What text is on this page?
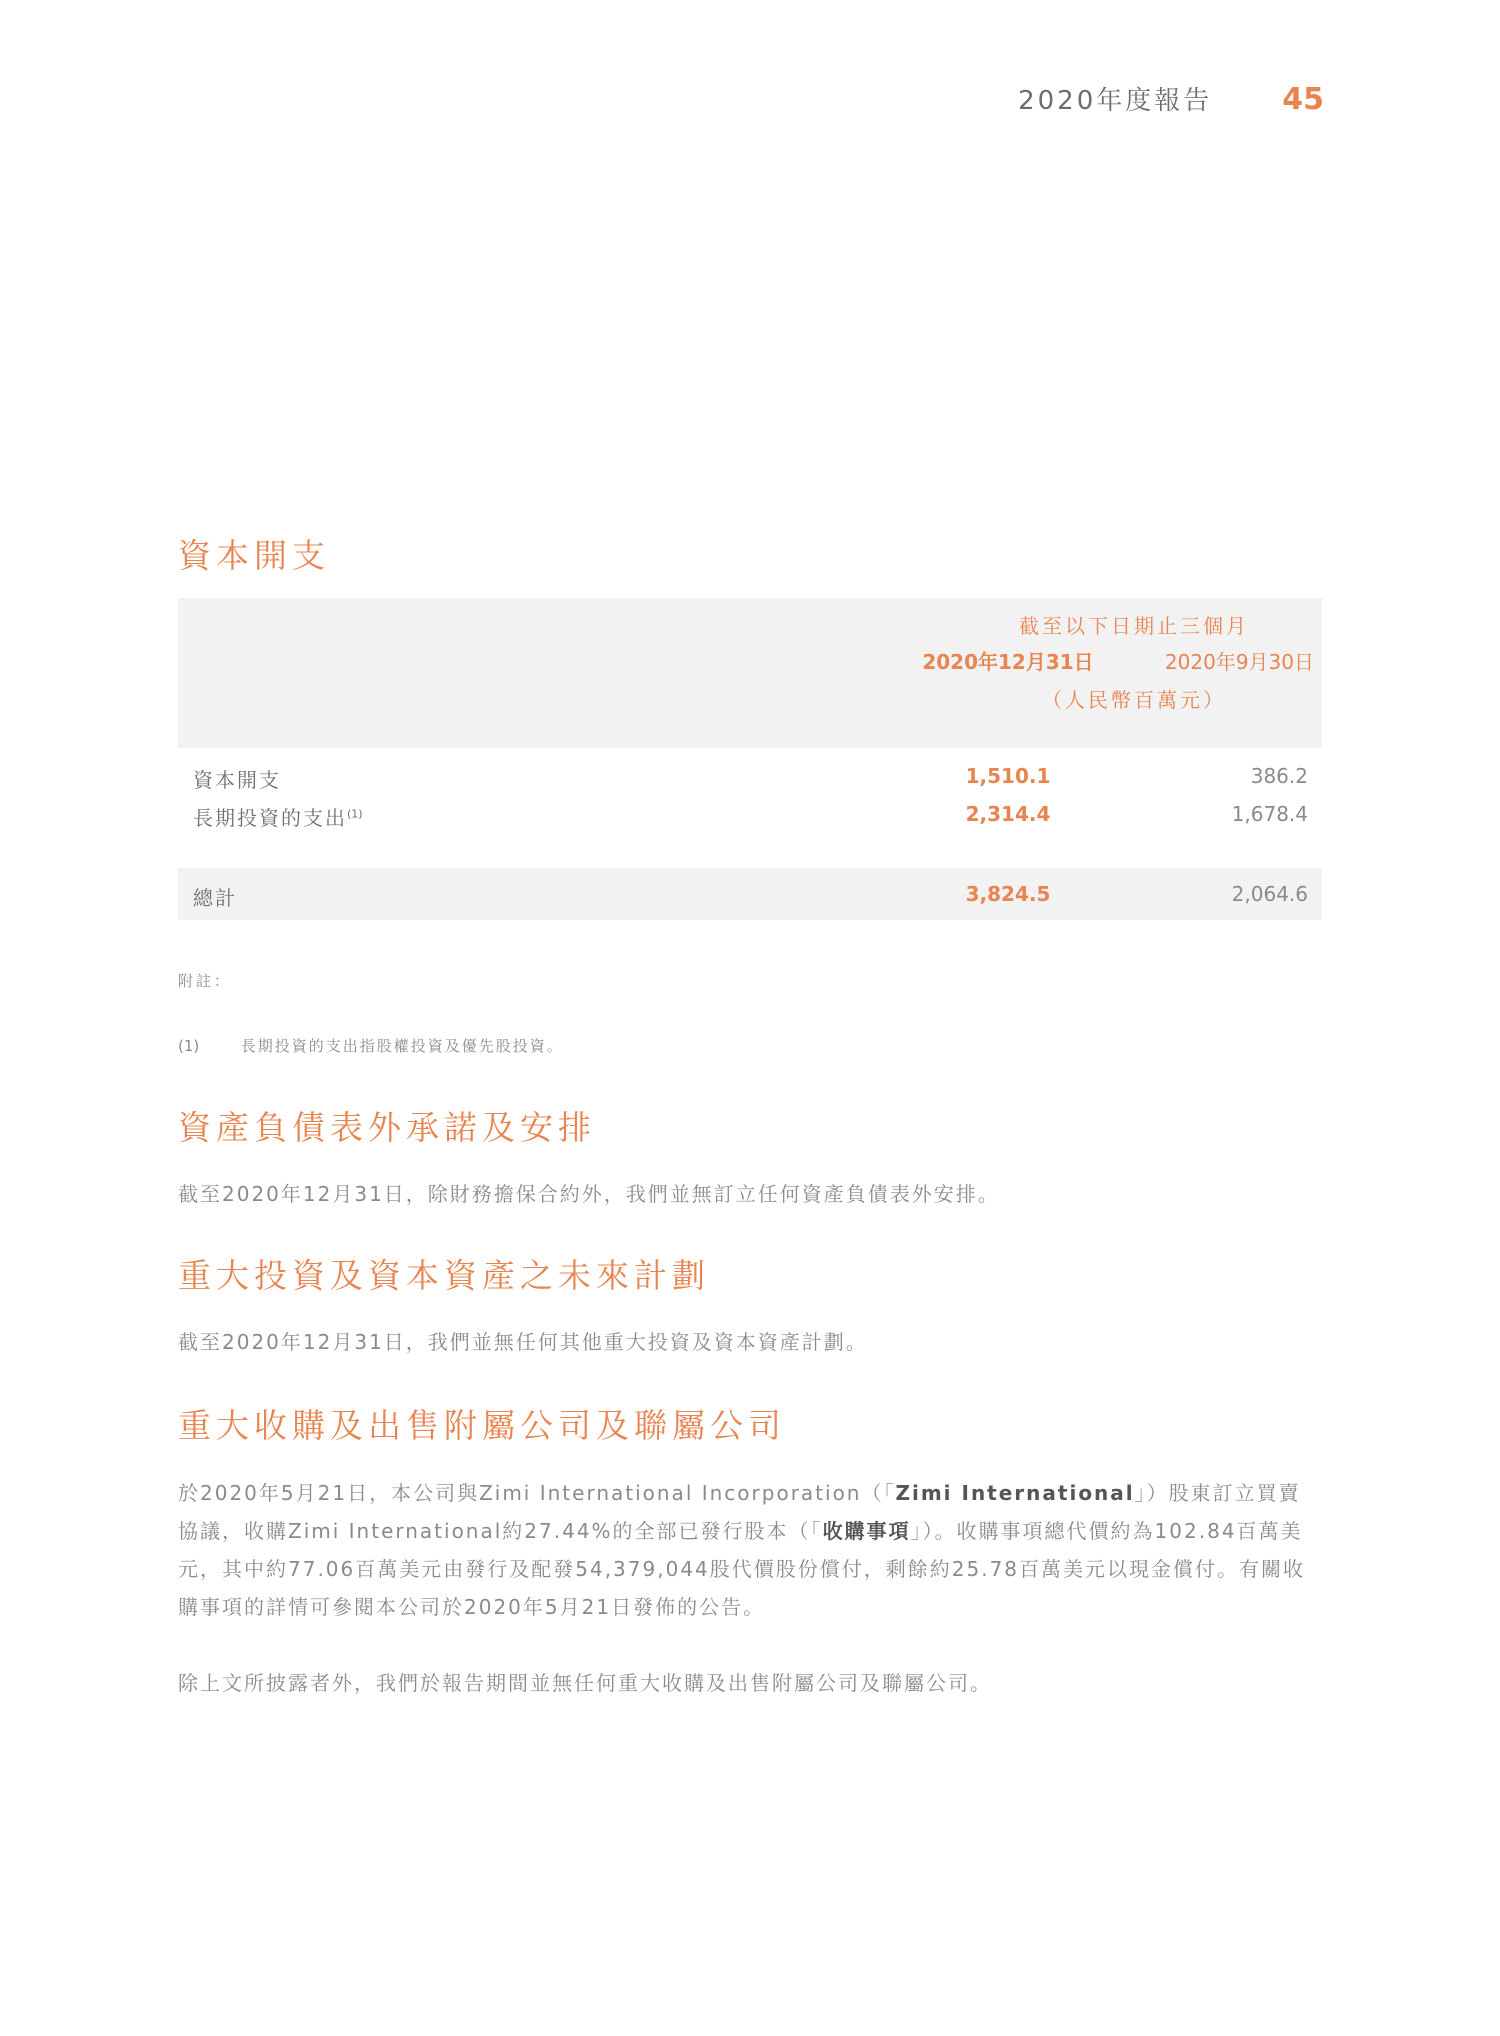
2020年度報告 45
資本開支
截至以下日期止三個月
2020年12月31日	2020年9月30日
（人民幣百萬元）
資本開支	1,510.1	386.2
長期投資的支出$^{(1)}$	2,314.4	1,678.4
總計	3,824.5	2,064.6
附註：
(1)	長期投資的支出指股權投資及優先股投資。
資產負債表外承諾及安排

截至2020年12月31日，除財務擔保合約外，我們並無訂立任何資產負債表外安排。

重大投資及資本資產之未來計劃

截至2020年12月31日，我們並無任何其他重大投資及資本資產計劃。

重大收購及出售附屬公司及聯屬公司

於2020年5月21日，本公司與Zimi International Incorporation（「Zimi International」）股東訂立買賣協議，收購Zimi International約27.44%的全部已發行股本（「收購事項」）。收購事項總代價約為102.84百萬美元，其中約77.06百萬美元由發行及配發54,379,044股代價股份償付，剩餘約25.78百萬美元以現金償付。有關收購事項的詳情可參閱本公司於2020年5月21日發佈的公告。

除上文所披露者外，我們於報告期間並無任何重大收購及出售附屬公司及聯屬公司。
